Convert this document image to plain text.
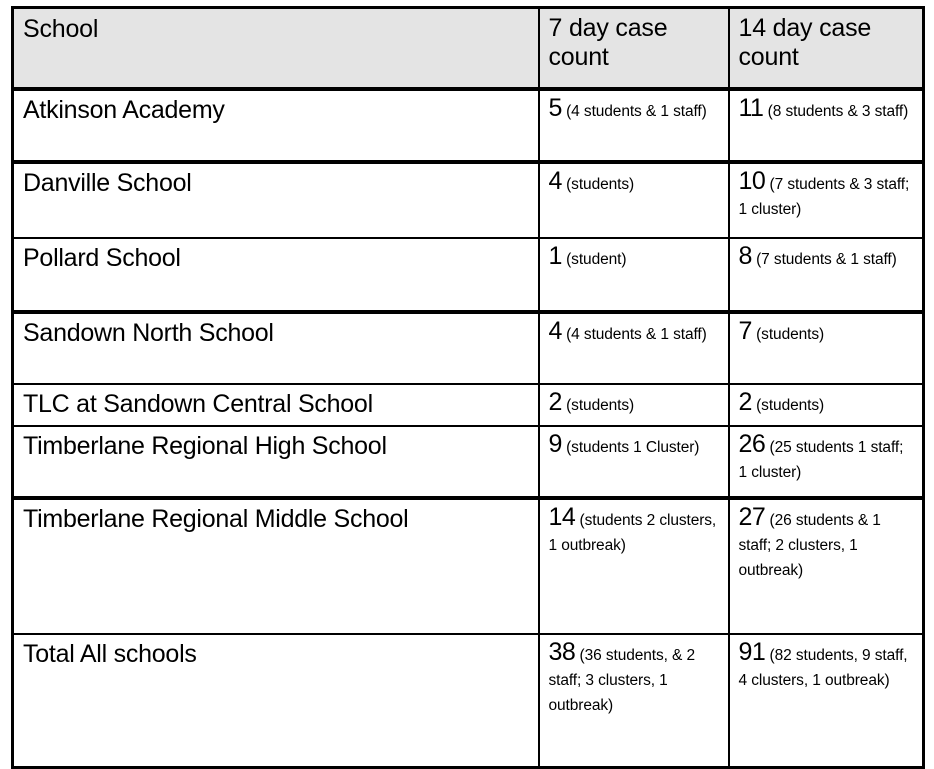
School	7 day case count	14 day case count
Atkinson Academy	5 (4 students & 1 staff)	11 (8 students & 3 staff)
Danville School	4 (students)	10 (7 students & 3 staff; 1 cluster)
Pollard School	1 (student)	8 (7 students & 1 staff)
Sandown North School	4 (4 students & 1 staff)	7 (students)
TLC at Sandown Central School	2 (students)	2 (students)
Timberlane Regional High School	9 (students 1 Cluster)	26 (25 students 1 staff; 1 cluster)
Timberlane Regional Middle School	14 (students 2 clusters, 1 outbreak)	27 (26 students & 1 staff; 2 clusters, 1 outbreak)
Total All schools	38 (36 students, & 2 staff; 3 clusters, 1 outbreak)	91 (82 students, 9 staff, 4 clusters, 1 outbreak)
